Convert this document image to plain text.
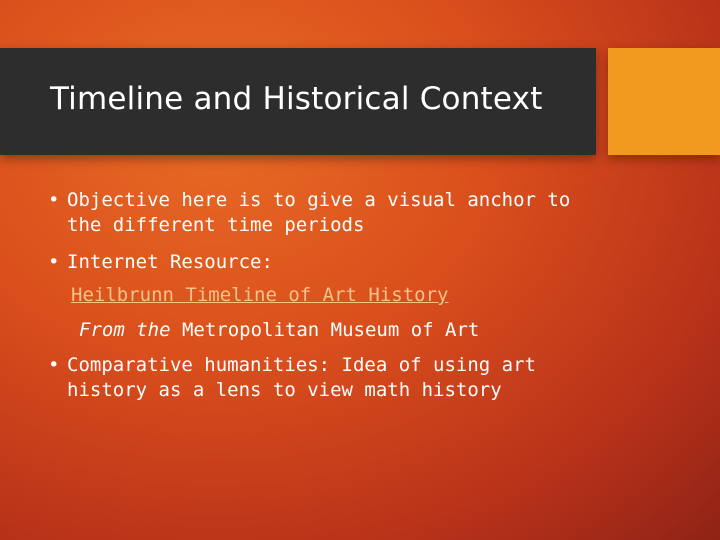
Timeline and Historical Context
• Objective here is to give a visual anchor to the different time periods
• Internet Resource:
Heilbrunn Timeline of Art History
From the Metropolitan Museum of Art
• Comparative humanities: Idea of using art history as a lens to view math history
